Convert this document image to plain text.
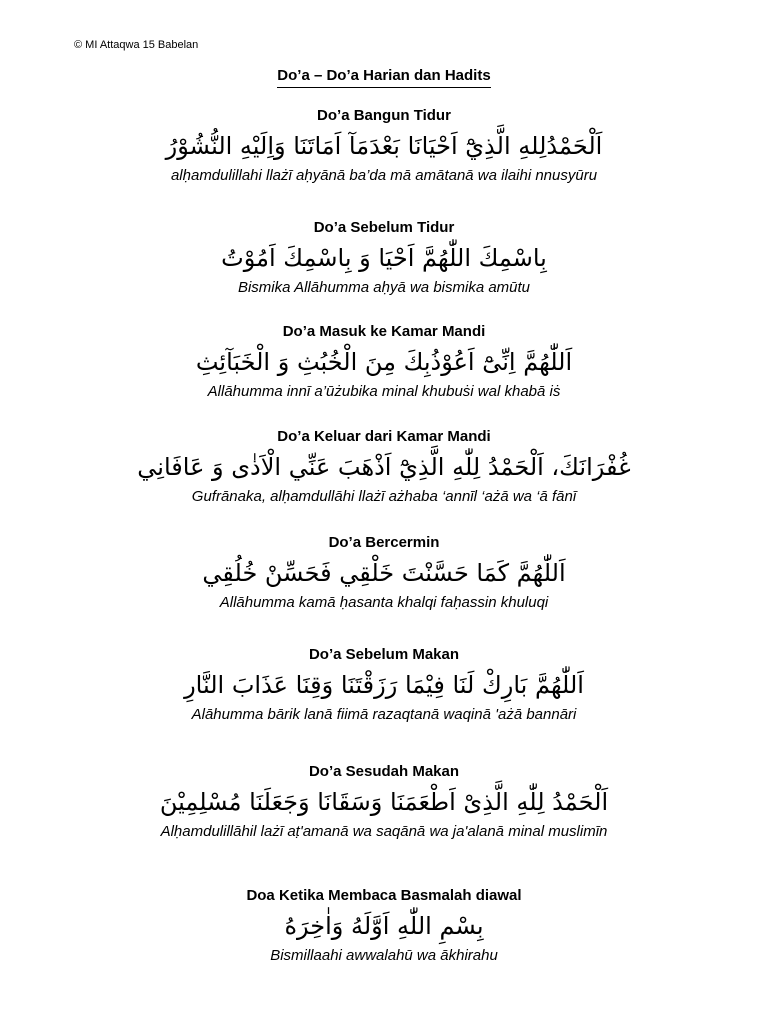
© MI Attaqwa 15 Babelan
Do’a – Do’a Harian dan Hadits

Do’a Bangun Tidur

اَلْحَمْدُلِلهِ الَّذِيْٓ اَحْيَانَا بَعْدَمَآ اَمَاتَنَا وَاِلَيْهِ النُّشُوْرُ

alḥamdulillahi llażī aḥyānā ba’da mā amātanā wa ilaihi nnusyūru

Do’a Sebelum Tidur

بِاسْمِكَ اللّٰهُمَّ اَحْيَا وَ بِاسْمِكَ اَمُوْتُ

Bismika Allāhumma aḥyā wa bismika amūtu

Do’a Masuk ke Kamar Mandi

اَللّٰهُمَّ اِنِّىْٓ اَعُوْذُبِكَ مِنَ الْخُبُثِ وَ الْخَبَآئِثِ

Allāhumma innī a’ūżubika minal khubuṡi wal khabā iṡ

Do’a Keluar dari Kamar Mandi

غُفْرَانَكَ، اَلْحَمْدُ لِلّٰهِ الَّذِيْٓ اَذْهَبَ عَنِّي الْاَذٰى وَ عَافَانِي

Gufrānaka, alḥamdullāhi llażī ażhaba ‘annīl ‘ażā wa ‘ā fānī

Do’a Bercermin

اَللّٰهُمَّ كَمَا حَسَّنْتَ خَلْقِي فَحَسِّنْ خُلُقِي

Allāhumma kamā ḥasanta khalqi faḥassin khuluqi

Do’a Sebelum Makan

اَللّٰهُمَّ بَارِكْ لَنَا فِيْمَا رَزَقْتَنَا وَقِنَا عَذَابَ النَّارِ

Alāhumma bārik lanā fiimā razaqtanā waqinā 'ażā bannāri

Do’a Sesudah Makan

اَلْحَمْدُ لِلّٰهِ الَّذِىْ اَطْعَمَنَا وَسَقَانَا وَجَعَلَنَا مُسْلِمِيْنَ

Alḥamdulillāhil lażī aṭ'amanā wa saqānā wa ja'alanā minal muslimīn

Doa Ketika Membaca Basmalah diawal

بِسْمِ اللّٰهِ اَوَّلَهُ وَاٰخِرَهُ

Bismillaahi awwalahū wa ākhirahu
